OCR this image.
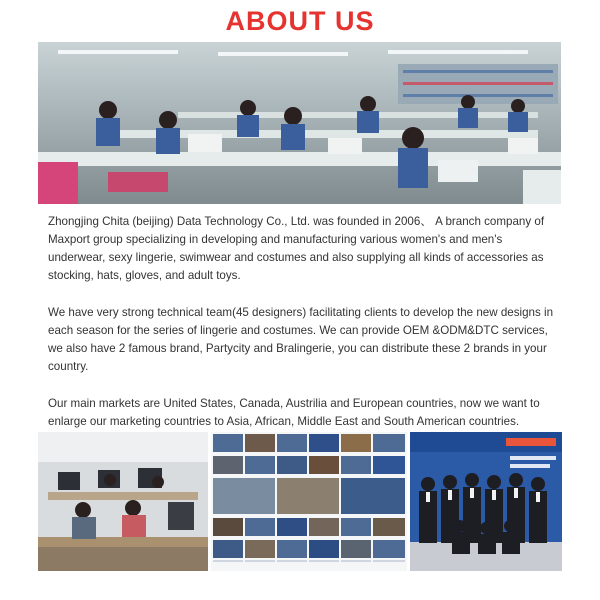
ABOUT US

Zhongjing Chita (beijing) Data Technology Co., Ltd. was founded in 2006、 A branch company of Maxport group specializing in developing and manufacturing various women's and men's underwear, sexy lingerie, swimwear and costumes and also supplying all kinds of accessories as stocking, hats, gloves, and adult toys.

We have very strong technical team(45 designers) facilitating clients to develop the new designs in each season for the series of lingerie and costumes. We can provide OEM &ODM&DTC services, we also have 2 famous brand, Partycity and Bralingerie, you can distribute these 2 brands in your country.

Our main markets are United States, Canada, Austrilia and European countries, now we want to enlarge our marketing countries to Asia, African, Middle East and South American countries.
